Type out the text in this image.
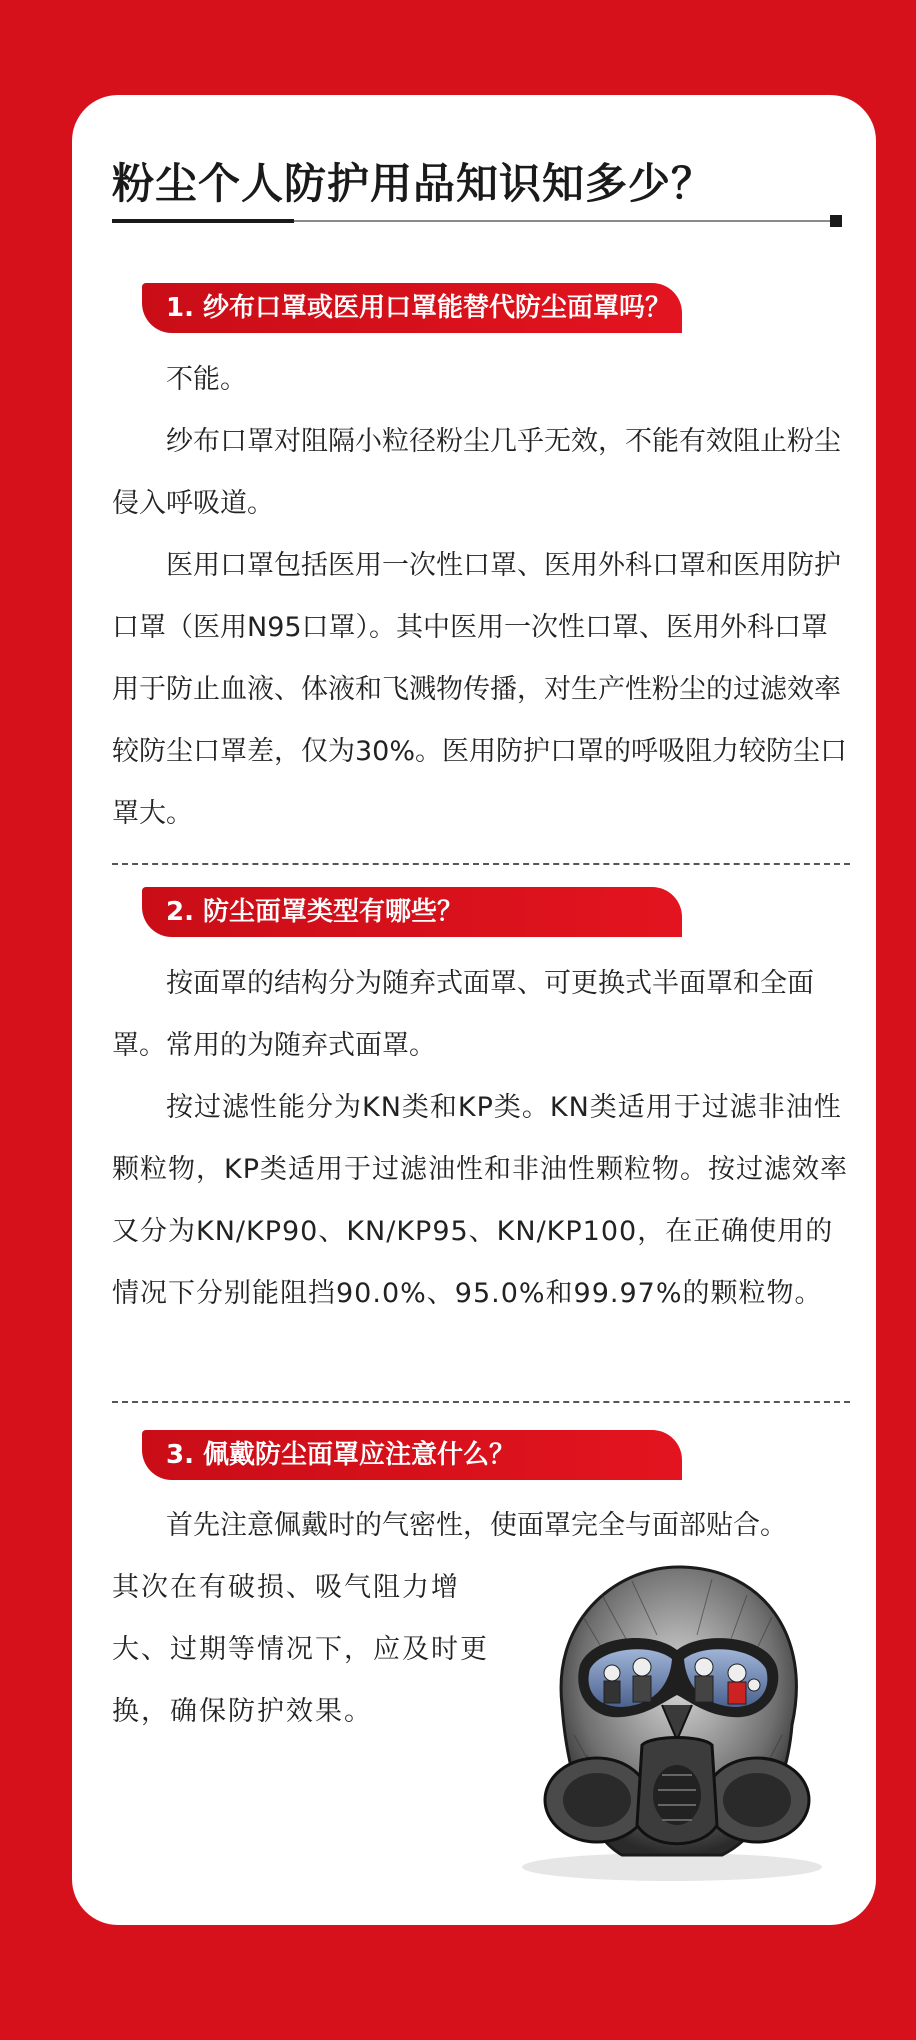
粉尘个人防护用品知识知多少？
1. 纱布口罩或医用口罩能替代防尘面罩吗？

不能。

纱布口罩对阻隔小粒径粉尘几乎无效，不能有效阻止粉尘侵入呼吸道。

医用口罩包括医用一次性口罩、医用外科口罩和医用防护口罩（医用N95口罩）。其中医用一次性口罩、医用外科口罩用于防止血液、体液和飞溅物传播，对生产性粉尘的过滤效率较防尘口罩差，仅为30%。医用防护口罩的呼吸阻力较防尘口罩大。

2. 防尘面罩类型有哪些？

按面罩的结构分为随弃式面罩、可更换式半面罩和全面罩。常用的为随弃式面罩。

按过滤性能分为KN类和KP类。KN类适用于过滤非油性颗粒物，KP类适用于过滤油性和非油性颗粒物。按过滤效率又分为KN/KP90、KN/KP95、KN/KP100，在正确使用的情况下分别能阻挡90.0%、95.0%和99.97%的颗粒物。

3. 佩戴防尘面罩应注意什么？

首先注意佩戴时的气密性，使面罩完全与面部贴合。

其次在有破损、吸气阻力增大、过期等情况下，应及时更换，确保防护效果。
